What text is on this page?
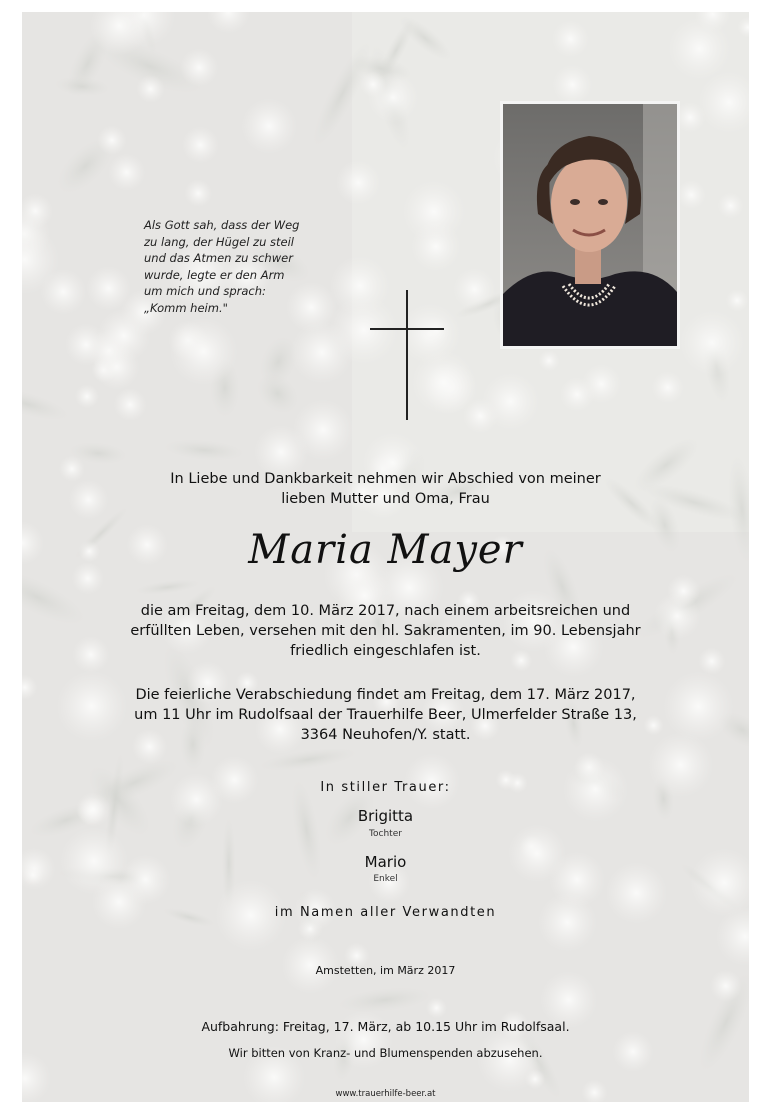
Als Gott sah, dass der Weg
zu lang, der Hügel zu steil
und das Atmen zu schwer
wurde, legte er den Arm
um mich und sprach:
„Komm heim."
In Liebe und Dankbarkeit nehmen wir Abschied von meiner
lieben Mutter und Oma, Frau
Maria Mayer
die am Freitag, dem 10. März 2017, nach einem arbeitsreichen und
erfüllten Leben, versehen mit den hl. Sakramenten, im 90. Lebensjahr
friedlich eingeschlafen ist.
Die feierliche Verabschiedung findet am Freitag, dem 17. März 2017,
um 11 Uhr im Rudolfsaal der Trauerhilfe Beer, Ulmerfelder Straße 13,
3364 Neuhofen/Y. statt.
In stiller Trauer:
Brigitta
Tochter
Mario
Enkel
im Namen aller Verwandten
Amstetten, im März 2017
Aufbahrung: Freitag, 17. März, ab 10.15 Uhr im Rudolfsaal.
Wir bitten von Kranz- und Blumenspenden abzusehen.
www.trauerhilfe-beer.at
